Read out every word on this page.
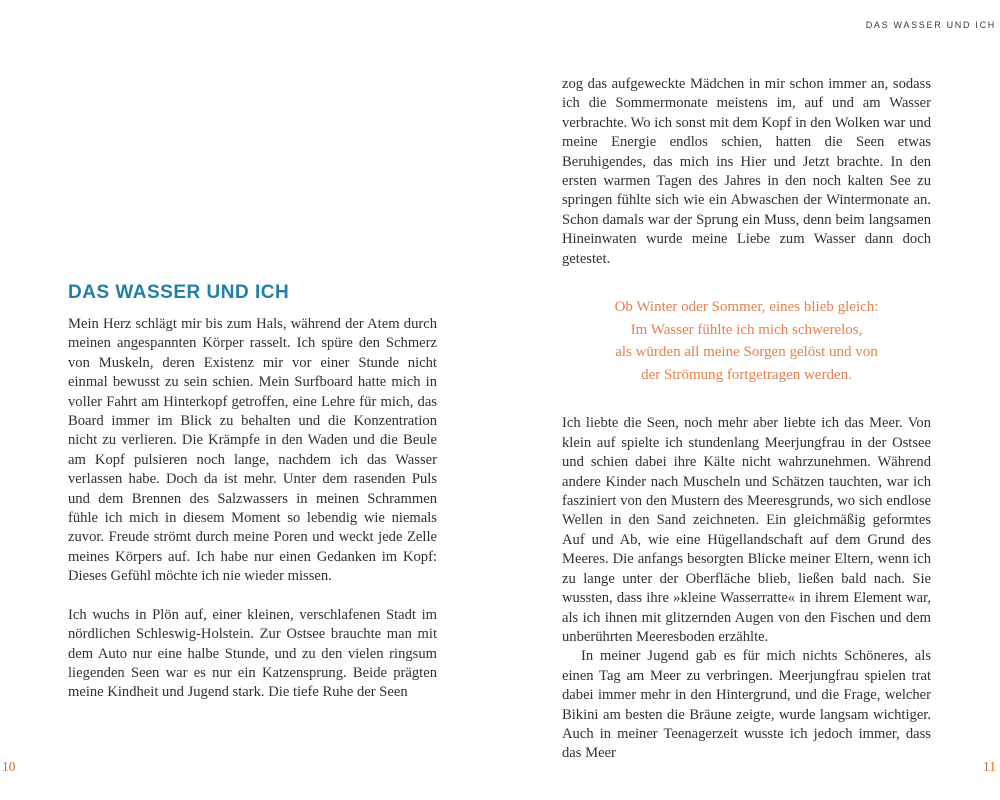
DAS WASSER UND ICH

Mein Herz schlägt mir bis zum Hals, während der Atem durch meinen angespannten Körper rasselt. Ich spüre den Schmerz von Muskeln, deren Existenz mir vor einer Stunde nicht einmal bewusst zu sein schien. Mein Surfboard hatte mich in voller Fahrt am Hinterkopf getroffen, eine Lehre für mich, das Board immer im Blick zu behalten und die Konzentration nicht zu verlieren. Die Krämpfe in den Waden und die Beule am Kopf pulsieren noch lange, nachdem ich das Wasser verlassen habe. Doch da ist mehr. Unter dem rasenden Puls und dem Brennen des Salzwassers in meinen Schrammen fühle ich mich in diesem Moment so lebendig wie niemals zuvor. Freude strömt durch meine Poren und weckt jede Zelle meines Körpers auf. Ich habe nur einen Gedanken im Kopf: Dieses Gefühl möchte ich nie wieder missen.

Ich wuchs in Plön auf, einer kleinen, verschlafenen Stadt im nördlichen Schleswig-Holstein. Zur Ostsee brauchte man mit dem Auto nur eine halbe Stunde, und zu den vielen ringsum liegenden Seen war es nur ein Katzensprung. Beide prägten meine Kindheit und Jugend stark. Die tiefe Ruhe der Seen

10
DAS WASSER UND ICH

zog das aufgeweckte Mädchen in mir schon immer an, sodass ich die Sommermonate meistens im, auf und am Wasser verbrachte. Wo ich sonst mit dem Kopf in den Wolken war und meine Energie endlos schien, hatten die Seen etwas Beruhigendes, das mich ins Hier und Jetzt brachte. In den ersten warmen Tagen des Jahres in den noch kalten See zu springen fühlte sich wie ein Abwaschen der Wintermonate an. Schon damals war der Sprung ein Muss, denn beim langsamen Hineinwaten wurde meine Liebe zum Wasser dann doch getestet.

Ob Winter oder Sommer, eines blieb gleich:
Im Wasser fühlte ich mich schwerelos,
als würden all meine Sorgen gelöst und von
der Strömung fortgetragen werden.

Ich liebte die Seen, noch mehr aber liebte ich das Meer. Von klein auf spielte ich stundenlang Meerjungfrau in der Ostsee und schien dabei ihre Kälte nicht wahrzunehmen. Während andere Kinder nach Muscheln und Schätzen tauchten, war ich fasziniert von den Mustern des Meeresgrunds, wo sich endlose Wellen in den Sand zeichneten. Ein gleichmäßig geformtes Auf und Ab, wie eine Hügellandschaft auf dem Grund des Meeres. Die anfangs besorgten Blicke meiner Eltern, wenn ich zu lange unter der Oberfläche blieb, ließen bald nach. Sie wussten, dass ihre »kleine Wasserratte« in ihrem Element war, als ich ihnen mit glitzernden Augen von den Fischen und dem unberührten Meeresboden erzählte.

In meiner Jugend gab es für mich nichts Schöneres, als einen Tag am Meer zu verbringen. Meerjungfrau spielen trat dabei immer mehr in den Hintergrund, und die Frage, welcher Bikini am besten die Bräune zeigte, wurde langsam wichtiger. Auch in meiner Teenagerzeit wusste ich jedoch immer, dass das Meer

11
